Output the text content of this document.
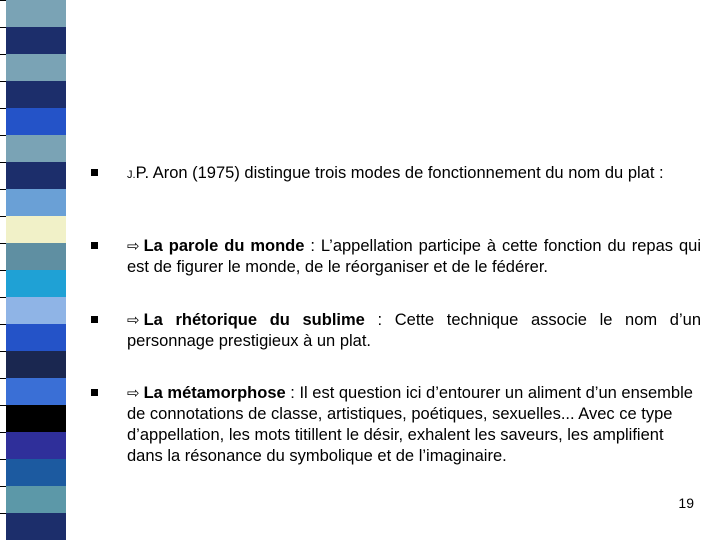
J.P. Aron (1975) distingue trois modes de fonctionnement du nom du plat :
⇨ La parole du monde : L’appellation participe à cette fonction du repas qui est de figurer le monde, de le réorganiser et de le fédérer.
⇨ La rhétorique du sublime : Cette technique associe le nom d’un personnage prestigieux à un plat.
⇨ La métamorphose : Il est question ici d’entourer un aliment d’un ensemble de connotations de classe, artistiques, poétiques, sexuelles... Avec ce type d’appellation, les mots titillent le désir, exhalent les saveurs, les amplifient dans la résonance du symbolique et de l’imaginaire.
19
